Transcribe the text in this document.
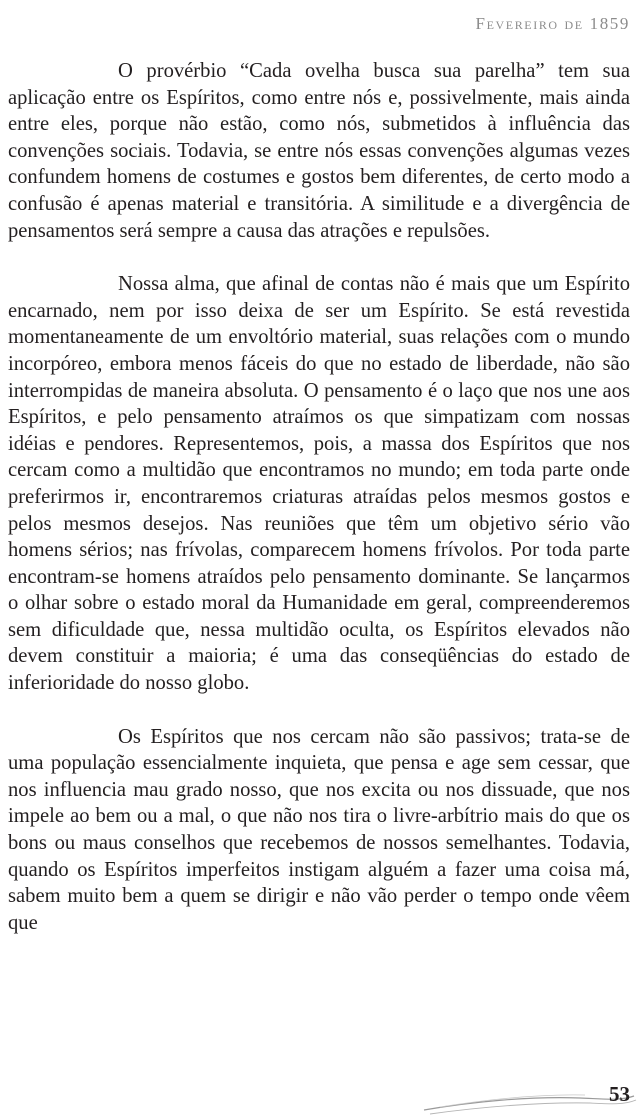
Fevereiro de 1859

O provérbio “Cada ovelha busca sua parelha” tem sua aplicação entre os Espíritos, como entre nós e, possivelmente, mais ainda entre eles, porque não estão, como nós, submetidos à influência das convenções sociais. Todavia, se entre nós essas convenções algumas vezes confundem homens de costumes e gostos bem diferentes, de certo modo a confusão é apenas material e transitória. A similitude e a divergência de pensamentos será sempre a causa das atrações e repulsões.

Nossa alma, que afinal de contas não é mais que um Espírito encarnado, nem por isso deixa de ser um Espírito. Se está revestida momentaneamente de um envoltório material, suas relações com o mundo incorpóreo, embora menos fáceis do que no estado de liberdade, não são interrompidas de maneira absoluta. O pensamento é o laço que nos une aos Espíritos, e pelo pensamento atraímos os que simpatizam com nossas idéias e pendores. Representemos, pois, a massa dos Espíritos que nos cercam como a multidão que encontramos no mundo; em toda parte onde preferirmos ir, encontraremos criaturas atraídas pelos mesmos gostos e pelos mesmos desejos. Nas reuniões que têm um objetivo sério vão homens sérios; nas frívolas, comparecem homens frívolos. Por toda parte encontram-se homens atraídos pelo pensamento dominante. Se lançarmos o olhar sobre o estado moral da Humanidade em geral, compreenderemos sem dificuldade que, nessa multidão oculta, os Espíritos elevados não devem constituir a maioria; é uma das conseqüências do estado de inferioridade do nosso globo.

Os Espíritos que nos cercam não são passivos; trata-se de uma população essencialmente inquieta, que pensa e age sem cessar, que nos influencia mau grado nosso, que nos excita ou nos dissuade, que nos impele ao bem ou a mal, o que não nos tira o livre-arbítrio mais do que os bons ou maus conselhos que recebemos de nossos semelhantes. Todavia, quando os Espíritos imperfeitos instigam alguém a fazer uma coisa má, sabem muito bem a quem se dirigir e não vão perder o tempo onde vêem que

53
